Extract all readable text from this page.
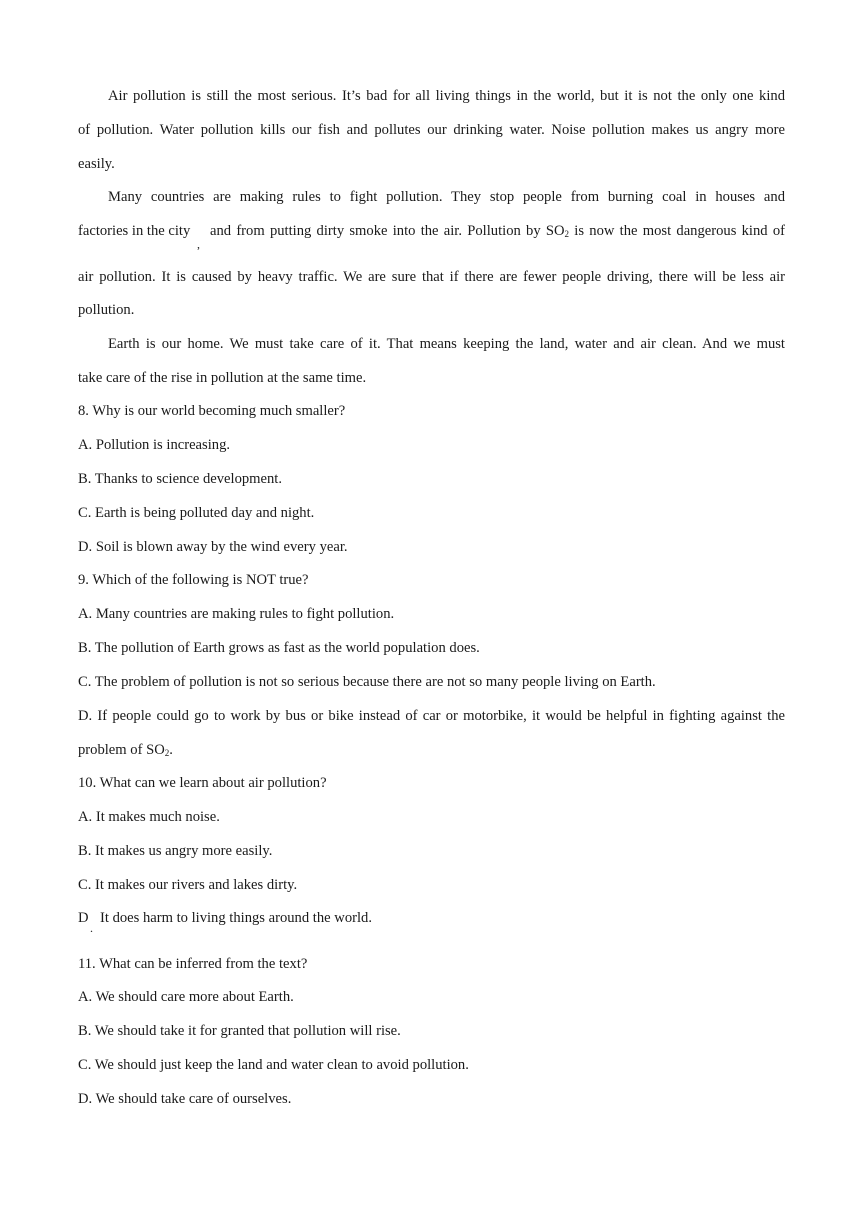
Air pollution is still the most serious. It’s bad for all living things in the world, but it is not the only one kind
of pollution. Water pollution kills our fish and pollutes our drinking water. Noise pollution makes us angry more
easily.
Many countries are making rules to fight pollution. They stop people from burning coal in houses and
factories in the city
,
and from putting dirty smoke into the air. Pollution by $SO_2$ is now the most dangerous kind of
air pollution. It is caused by heavy traffic. We are sure that if there are fewer people driving, there will be less air
pollution.
Earth is our home. We must take care of it. That means keeping the land, water and air clean. And we must
take care of the rise in pollution at the same time.
8. Why is our world becoming much smaller?
A. Pollution is increasing.
B. Thanks to science development.
C. Earth is being polluted day and night.
D. Soil is blown away by the wind every year.
9. Which of the following is NOT true?
A. Many countries are making rules to fight pollution.
B. The pollution of Earth grows as fast as the world population does.
C. The problem of pollution is not so serious because there are not so many people living on Earth.
D. If people could go to work by bus or bike instead of car or motorbike, it would be helpful in fighting against the
problem of $SO_2$.
10. What can we learn about air pollution?
A. It makes much noise.
B. It makes us angry more easily.
C. It makes our rivers and lakes dirty.
D
.
It does harm to living things around the world.
11. What can be inferred from the text?
A. We should care more about Earth.
B. We should take it for granted that pollution will rise.
C. We should just keep the land and water clean to avoid pollution.
D. We should take care of ourselves.
